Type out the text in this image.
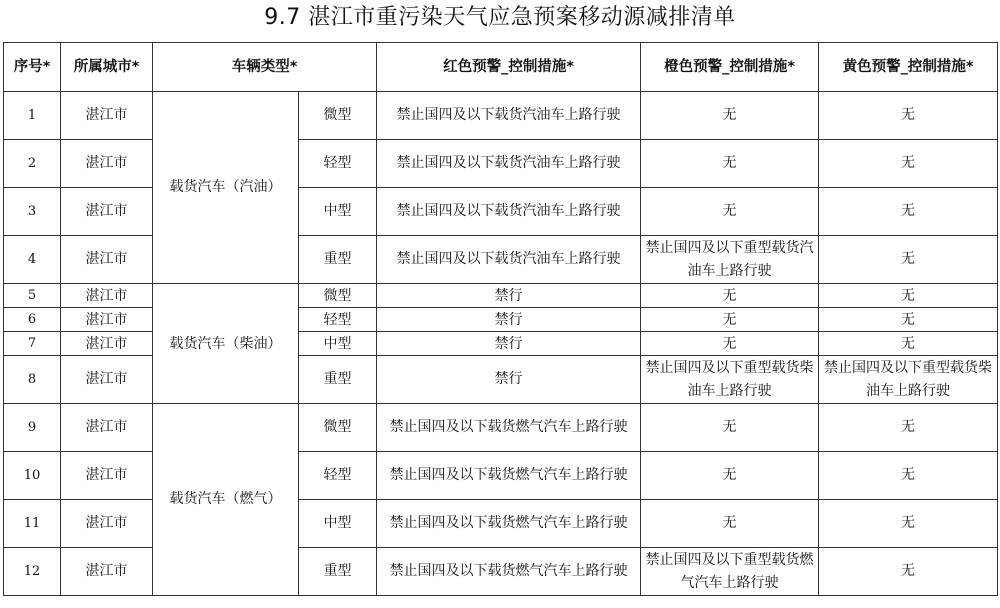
9.7 湛江市重污染天气应急预案移动源减排清单
序号*	所属城市*	车辆类型*		红色预警_控制措施*	橙色预警_控制措施*	黄色预警_控制措施*
1	湛江市	载货汽车（汽油）	微型	禁止国四及以下载货汽油车上路行驶	无	无
2	湛江市		轻型	禁止国四及以下载货汽油车上路行驶	无	无
3	湛江市		中型	禁止国四及以下载货汽油车上路行驶	无	无
4	湛江市		重型	禁止国四及以下载货汽油车上路行驶	禁止国四及以下重型载货汽油车上路行驶	无
5	湛江市	载货汽车（柴油）	微型	禁行	无	无
6	湛江市		轻型	禁行	无	无
7	湛江市		中型	禁行	无	无
8	湛江市		重型	禁行	禁止国四及以下重型载货柴油车上路行驶	禁止国四及以下重型载货柴油车上路行驶
9	湛江市	载货汽车（燃气）	微型	禁止国四及以下载货燃气汽车上路行驶	无	无
10	湛江市		轻型	禁止国四及以下载货燃气汽车上路行驶	无	无
11	湛江市		中型	禁止国四及以下载货燃气汽车上路行驶	无	无
12	湛江市		重型	禁止国四及以下载货燃气汽车上路行驶	禁止国四及以下重型载货燃气汽车上路行驶	无
